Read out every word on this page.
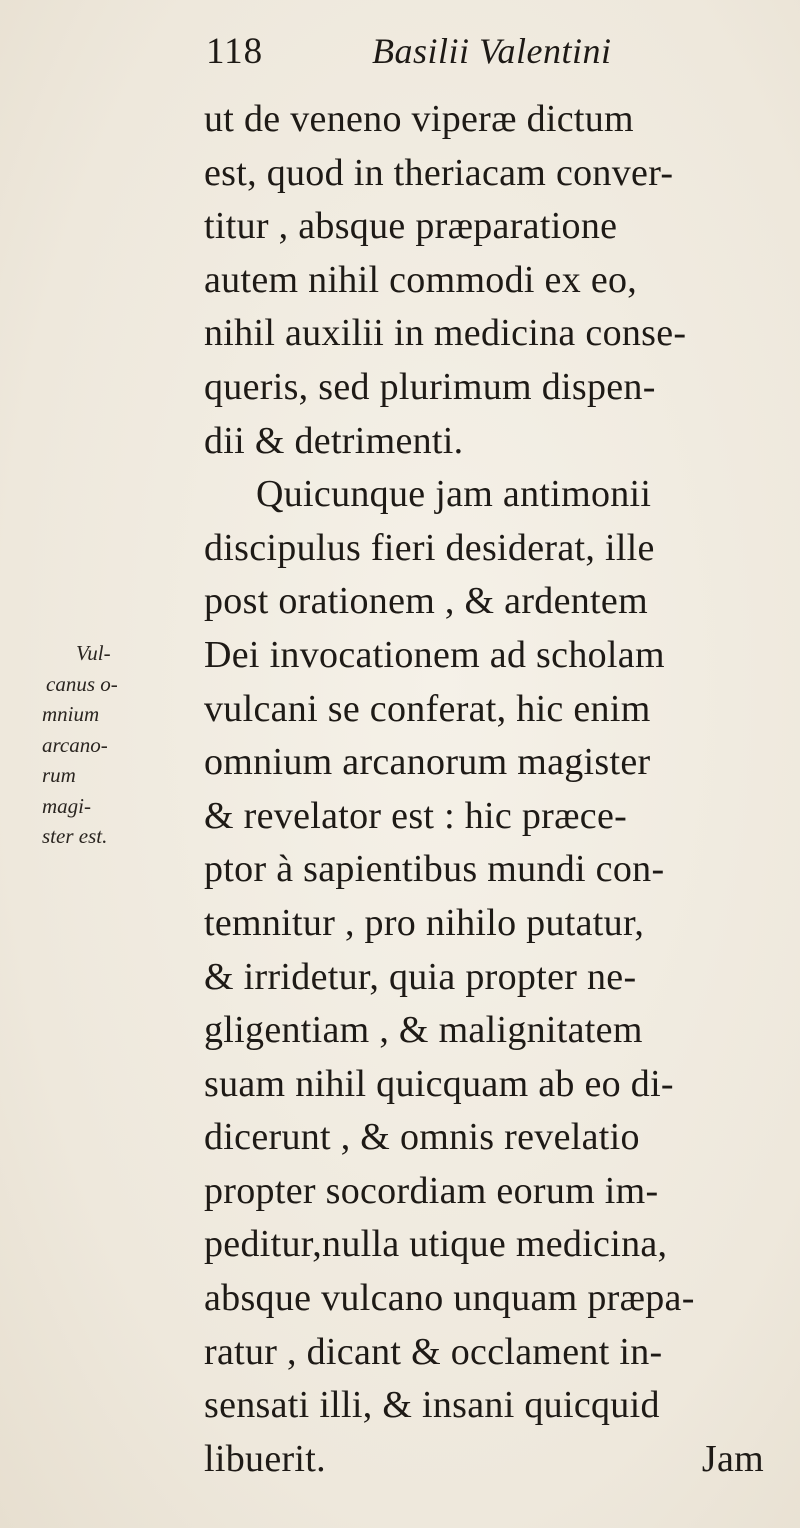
118	Basilii Valentini
Vul-
canus o-
mnium
arcano-
rum
magi-
ster est.
ut de veneno viperæ dictum
est, quod in theriacam conver-
titur , absque præparatione
autem nihil commodi ex eo,
nihil auxilii in medicina conse-
queris, sed plurimum dispen-
dii & detrimenti.
Quicunque jam antimonii
discipulus fieri desiderat, ille
post orationem , & ardentem
Dei invocationem ad scholam
vulcani se conferat, hic enim
omnium arcanorum magister
& revelator est : hic præce-
ptor à sapientibus mundi con-
temnitur , pro nihilo putatur,
& irridetur, quia propter ne-
gligentiam , & malignitatem
suam nihil quicquam ab eo di-
dicerunt , & omnis revelatio
propter socordiam eorum im-
peditur,nulla utique medicina,
absque vulcano unquam præpa-
ratur , dicant & occlament in-
sensati illi, & insani quicquid
libuerit.	Jam
